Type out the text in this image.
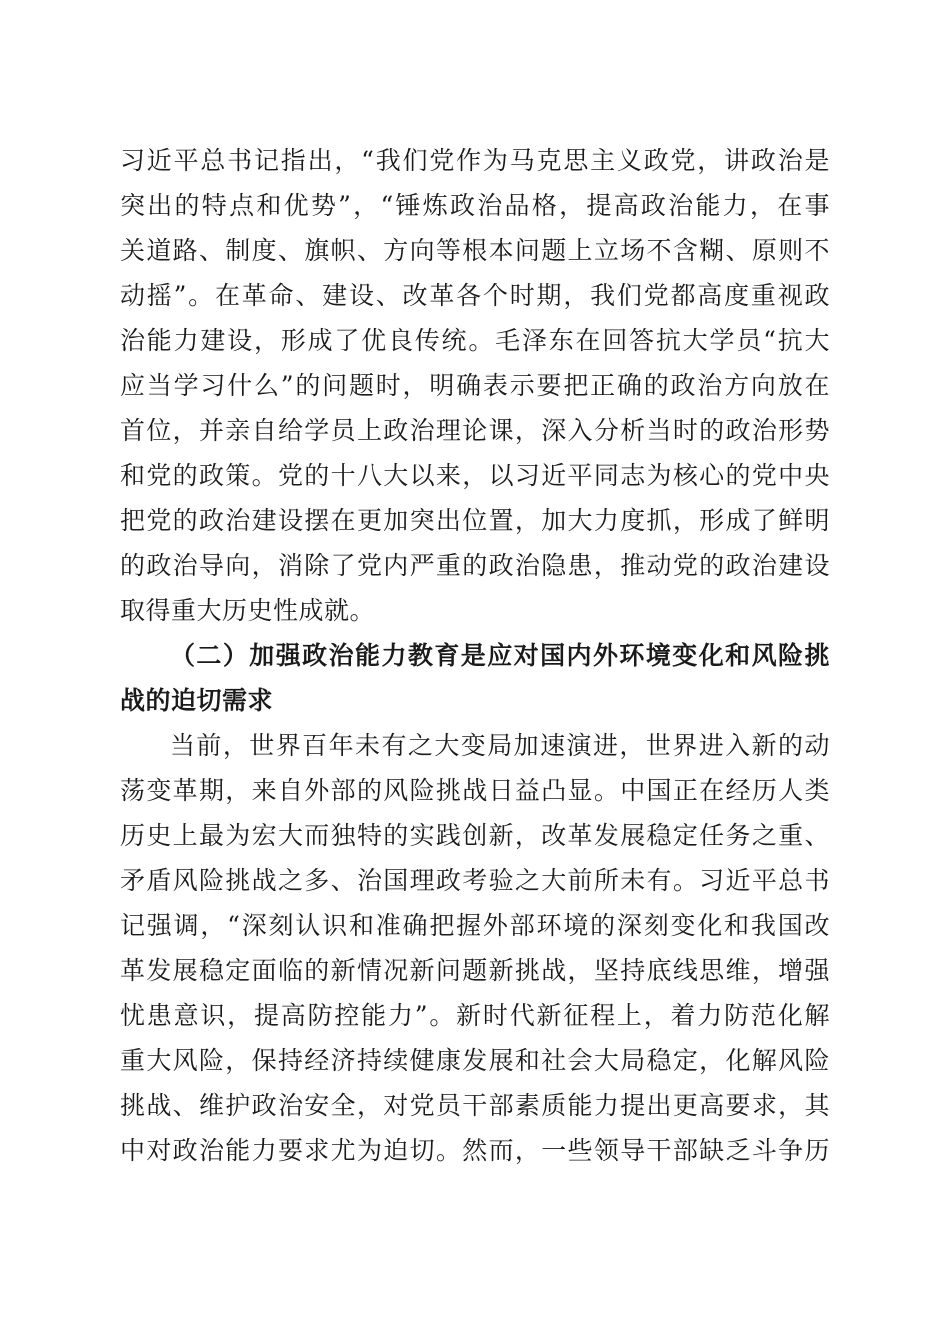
习近平总书记指出，“我们党作为马克思主义政党，讲政治是
突出的特点和优势”，“锤炼政治品格，提高政治能力，在事
关道路、制度、旗帜、方向等根本问题上立场不含糊、原则不
动摇”。在革命、建设、改革各个时期，我们党都高度重视政
治能力建设，形成了优良传统。毛泽东在回答抗大学员“抗大
应当学习什么”的问题时，明确表示要把正确的政治方向放在
首位，并亲自给学员上政治理论课，深入分析当时的政治形势
和党的政策。党的十八大以来，以习近平同志为核心的党中央
把党的政治建设摆在更加突出位置，加大力度抓，形成了鲜明
的政治导向，消除了党内严重的政治隐患，推动党的政治建设
取得重大历史性成就。
（二）加强政治能力教育是应对国内外环境变化和风险挑
战的迫切需求
当前，世界百年未有之大变局加速演进，世界进入新的动
荡变革期，来自外部的风险挑战日益凸显。中国正在经历人类
历史上最为宏大而独特的实践创新，改革发展稳定任务之重、
矛盾风险挑战之多、治国理政考验之大前所未有。习近平总书
记强调，“深刻认识和准确把握外部环境的深刻变化和我国改
革发展稳定面临的新情况新问题新挑战，坚持底线思维，增强
忧患意识，提高防控能力”。新时代新征程上，着力防范化解
重大风险，保持经济持续健康发展和社会大局稳定，化解风险
挑战、维护政治安全，对党员干部素质能力提出更高要求，其
中对政治能力要求尤为迫切。然而，一些领导干部缺乏斗争历
